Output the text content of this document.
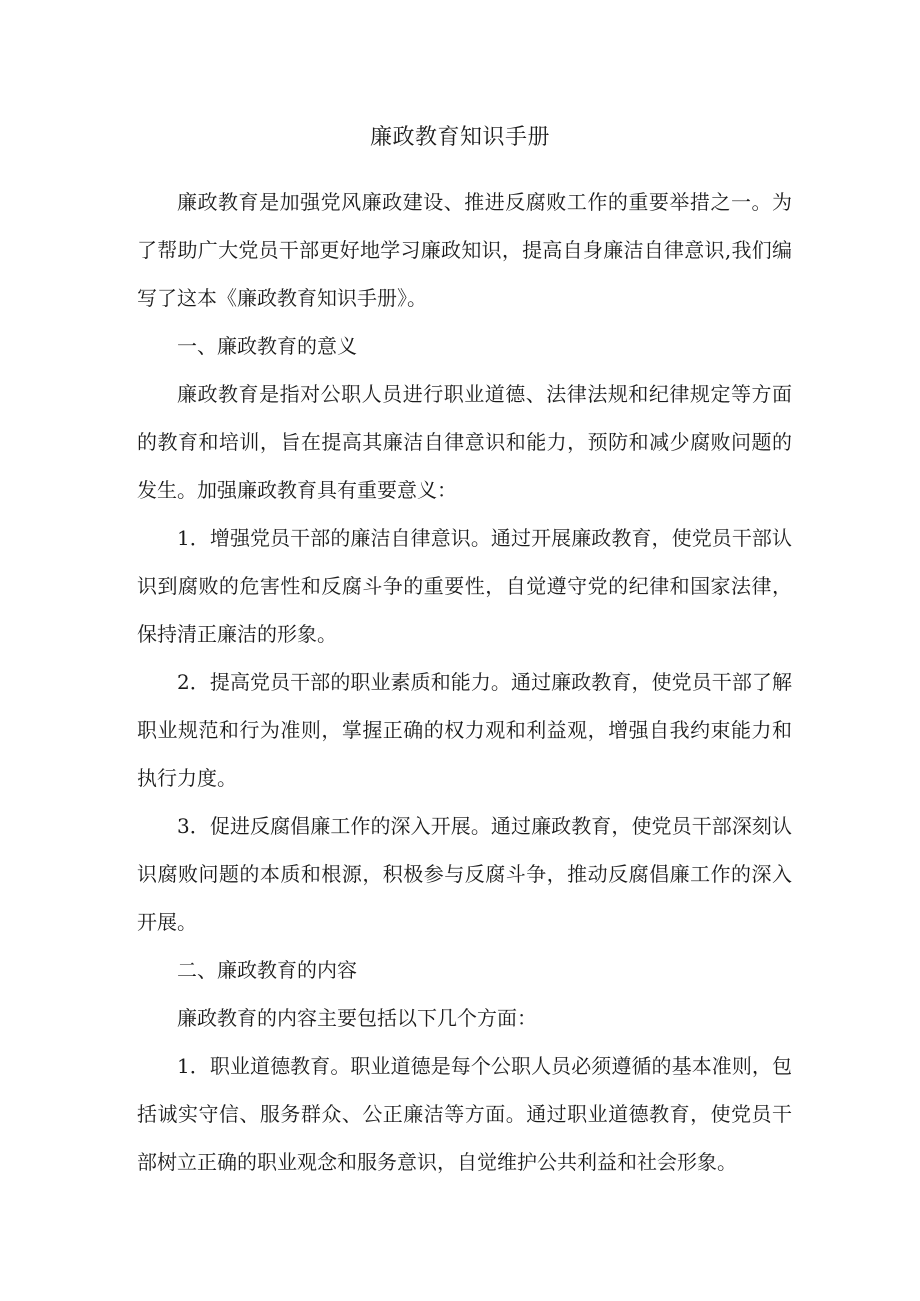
廉政教育知识手册

廉政教育是加强党风廉政建设、推进反腐败工作的重要举措之一。为了帮助广大党员干部更好地学习廉政知识，提高自身廉洁自律意识,我们编写了这本《廉政教育知识手册》。

一、廉政教育的意义

廉政教育是指对公职人员进行职业道德、法律法规和纪律规定等方面的教育和培训，旨在提高其廉洁自律意识和能力，预防和减少腐败问题的发生。加强廉政教育具有重要意义：

1．增强党员干部的廉洁自律意识。通过开展廉政教育，使党员干部认识到腐败的危害性和反腐斗争的重要性，自觉遵守党的纪律和国家法律，保持清正廉洁的形象。

2．提高党员干部的职业素质和能力。通过廉政教育，使党员干部了解职业规范和行为准则，掌握正确的权力观和利益观，增强自我约束能力和执行力度。

3．促进反腐倡廉工作的深入开展。通过廉政教育，使党员干部深刻认识腐败问题的本质和根源，积极参与反腐斗争，推动反腐倡廉工作的深入开展。

二、廉政教育的内容

廉政教育的内容主要包括以下几个方面：

1．职业道德教育。职业道德是每个公职人员必须遵循的基本准则，包括诚实守信、服务群众、公正廉洁等方面。通过职业道德教育，使党员干部树立正确的职业观念和服务意识，自觉维护公共利益和社会形象。
